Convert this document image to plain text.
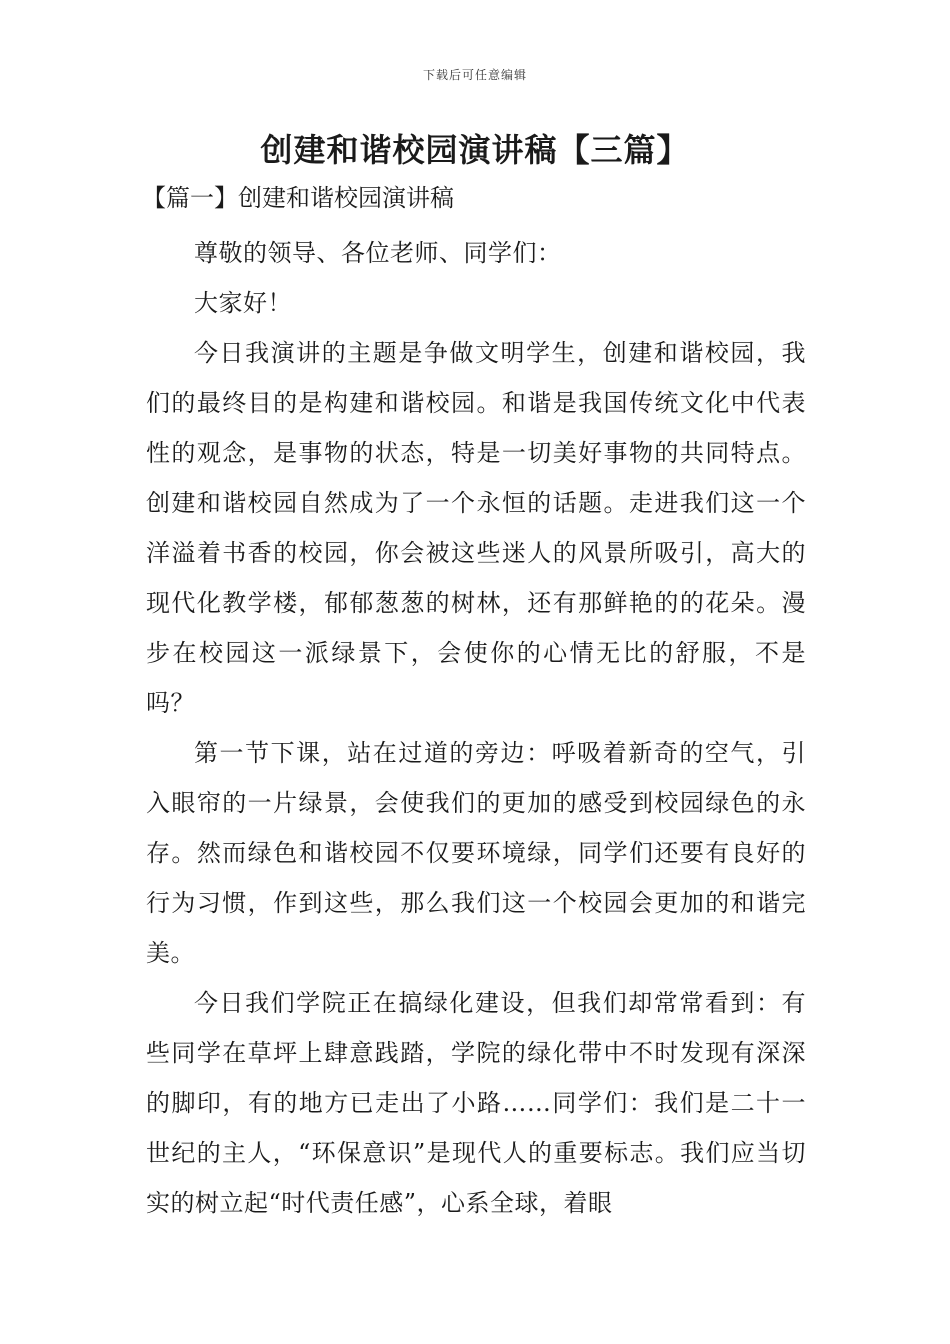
下载后可任意编辑
创建和谐校园演讲稿【三篇】
【篇一】创建和谐校园演讲稿

尊敬的领导、各位老师、同学们：

大家好！

今日我演讲的主题是争做文明学生，创建和谐校园，我们的最终目的是构建和谐校园。和谐是我国传统文化中代表性的观念，是事物的状态，特是一切美好事物的共同特点。创建和谐校园自然成为了一个永恒的话题。走进我们这一个洋溢着书香的校园，你会被这些迷人的风景所吸引，高大的现代化教学楼，郁郁葱葱的树林，还有那鲜艳的的花朵。漫步在校园这一派绿景下，会使你的心情无比的舒服，不是吗？

第一节下课，站在过道的旁边：呼吸着新奇的空气，引入眼帘的一片绿景，会使我们的更加的感受到校园绿色的永存。然而绿色和谐校园不仅要环境绿，同学们还要有良好的行为习惯，作到这些，那么我们这一个校园会更加的和谐完美。

今日我们学院正在搞绿化建设，但我们却常常看到：有些同学在草坪上肆意践踏，学院的绿化带中不时发现有深深的脚印，有的地方已走出了小路……同学们：我们是二十一世纪的主人，“环保意识”是现代人的重要标志。我们应当切实的树立起“时代责任感”，心系全球，着眼
